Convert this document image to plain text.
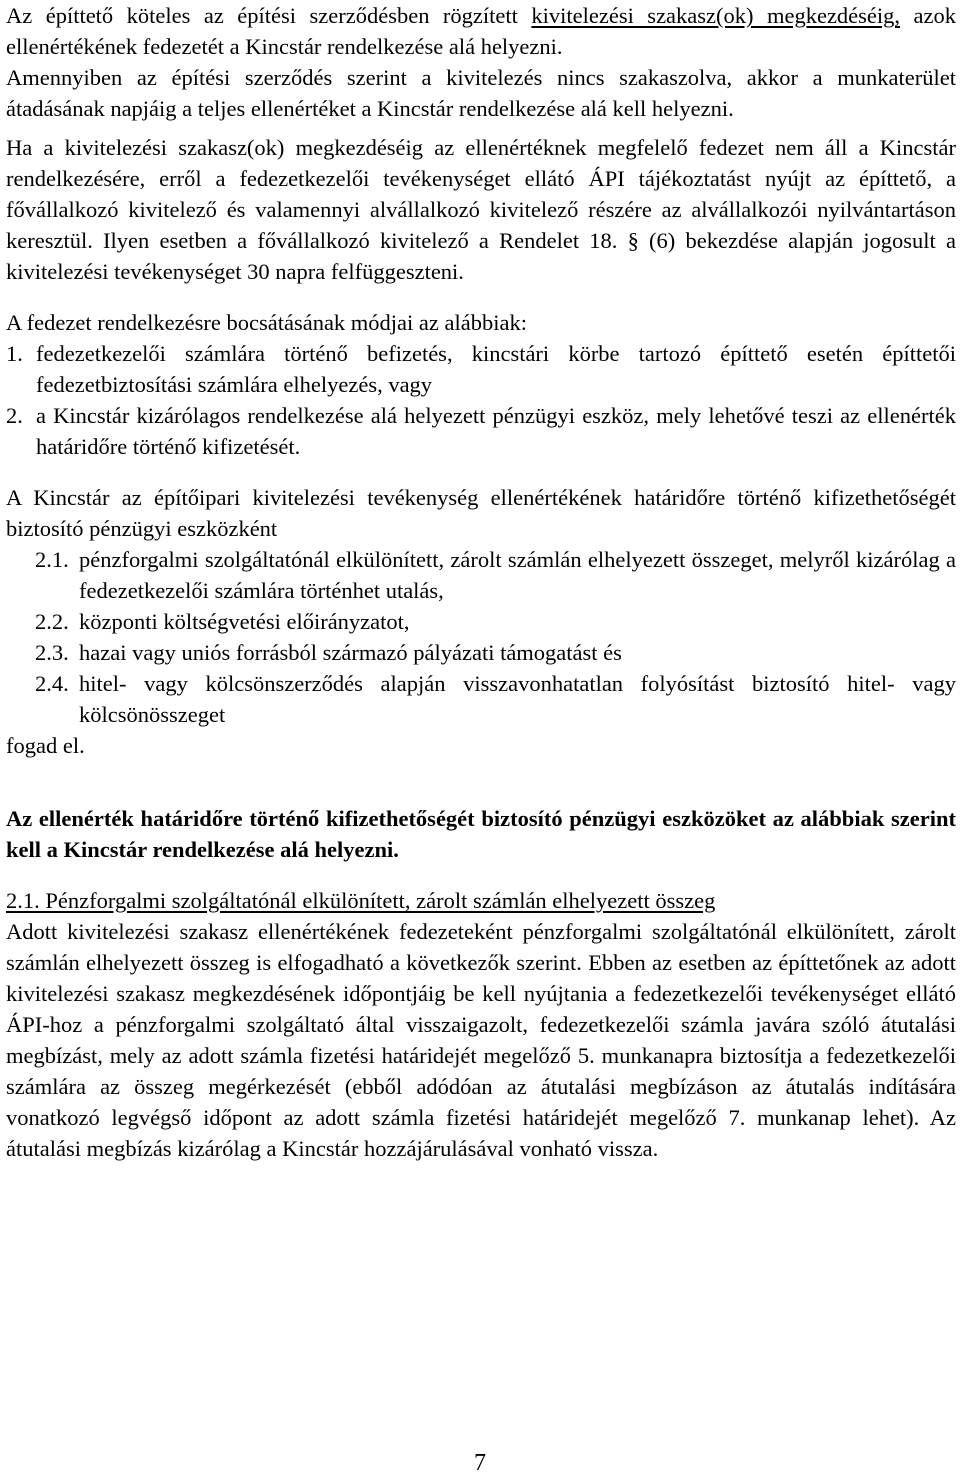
Az építtető köteles az építési szerződésben rögzített kivitelezési szakasz(ok) megkezdéséig, azok ellenértékének fedezetét a Kincstár rendelkezése alá helyezni.

Amennyiben az építési szerződés szerint a kivitelezés nincs szakaszolva, akkor a munkaterület átadásának napjáig a teljes ellenértéket a Kincstár rendelkezése alá kell helyezni.

Ha a kivitelezési szakasz(ok) megkezdéséig az ellenértéknek megfelelő fedezet nem áll a Kincstár rendelkezésére, erről a fedezetkezelői tevékenységet ellátó ÁPI tájékoztatást nyújt az építtető, a fővállalkozó kivitelező és valamennyi alvállalkozó kivitelező részére az alvállalkozói nyilvántartáson keresztül. Ilyen esetben a fővállalkozó kivitelező a Rendelet 18. § (6) bekezdése alapján jogosult a kivitelezési tevékenységet 30 napra felfüggeszteni.

A fedezet rendelkezésre bocsátásának módjai az alábbiak:

1. fedezetkezelői számlára történő befizetés, kincstári körbe tartozó építtető esetén építtetői fedezetbiztosítási számlára elhelyezés, vagy
2. a Kincstár kizárólagos rendelkezése alá helyezett pénzügyi eszköz, mely lehetővé teszi az ellenérték határidőre történő kifizetését.

A Kincstár az építőipari kivitelezési tevékenység ellenértékének határidőre történő kifizethetőségét biztosító pénzügyi eszközként

2.1. pénzforgalmi szolgáltatónál elkülönített, zárolt számlán elhelyezett összeget, melyről kizárólag a fedezetkezelői számlára történhet utalás,
2.2. központi költségvetési előirányzatot,
2.3. hazai vagy uniós forrásból származó pályázati támogatást és
2.4. hitel- vagy kölcsönszerződés alapján visszavonhatatlan folyósítást biztosító hitel- vagy kölcsönösszeget

fogad el.

Az ellenérték határidőre történő kifizethetőségét biztosító pénzügyi eszközöket az alábbiak szerint kell a Kincstár rendelkezése alá helyezni.

2.1. Pénzforgalmi szolgáltatónál elkülönített, zárolt számlán elhelyezett összeg

Adott kivitelezési szakasz ellenértékének fedezeteként pénzforgalmi szolgáltatónál elkülönített, zárolt számlán elhelyezett összeg is elfogadható a következők szerint. Ebben az esetben az építtetőnek az adott kivitelezési szakasz megkezdésének időpontjáig be kell nyújtania a fedezetkezelői tevékenységet ellátó ÁPI-hoz a pénzforgalmi szolgáltató által visszaigazolt, fedezetkezelői számla javára szóló átutalási megbízást, mely az adott számla fizetési határidejét megelőző 5. munkanapra biztosítja a fedezetkezelői számlára az összeg megérkezését (ebből adódóan az átutalási megbízáson az átutalás indítására vonatkozó legvégső időpont az adott számla fizetési határidejét megelőző 7. munkanap lehet). Az átutalási megbízás kizárólag a Kincstár hozzájárulásával vonható vissza.

7
